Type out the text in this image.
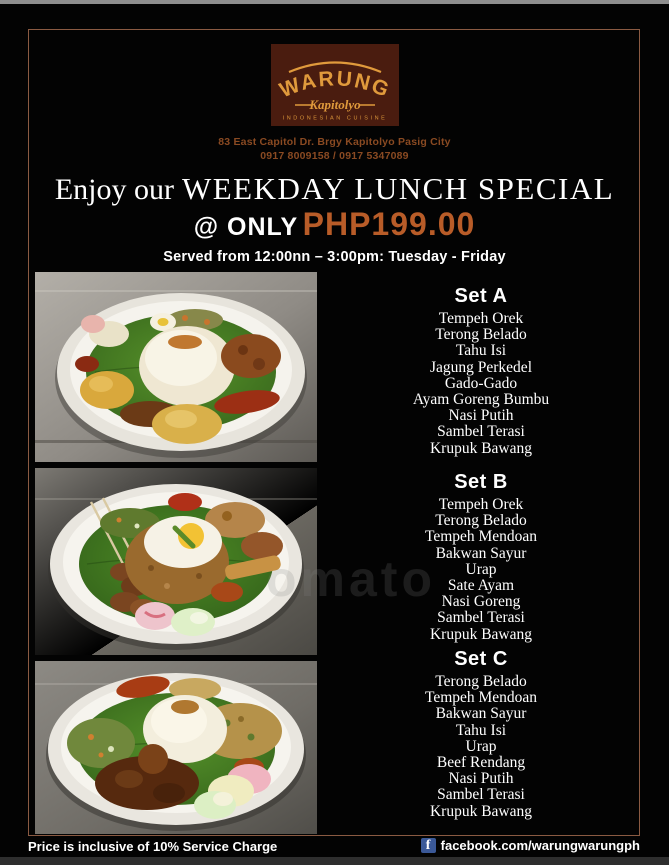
WARUNG
Kapitolyo
INDONESIAN CUISINE
83 East Capitol Dr. Brgy Kapitolyo Pasig City
0917 8009158 / 0917 5347089
Enjoy our WEEKDAY LUNCH SPECIAL
@ ONLY PHP199.00
Served from 12:00nn – 3:00pm: Tuesday - Friday
omato
Set A
Tempeh Orek
Terong Belado
Tahu Isi
Jagung Perkedel
Gado-Gado
Ayam Goreng Bumbu
Nasi Putih
Sambel Terasi
Krupuk Bawang
Set B
Tempeh Orek
Terong Belado
Tempeh Mendoan
Bakwan Sayur
Urap
Sate Ayam
Nasi Goreng
Sambel Terasi
Krupuk Bawang
Set C
Terong Belado
Tempeh Mendoan
Bakwan Sayur
Tahu Isi
Urap
Beef Rendang
Nasi Putih
Sambel Terasi
Krupuk Bawang
Price is inclusive of 10% Service Charge	f facebook.com/warungwarungph
